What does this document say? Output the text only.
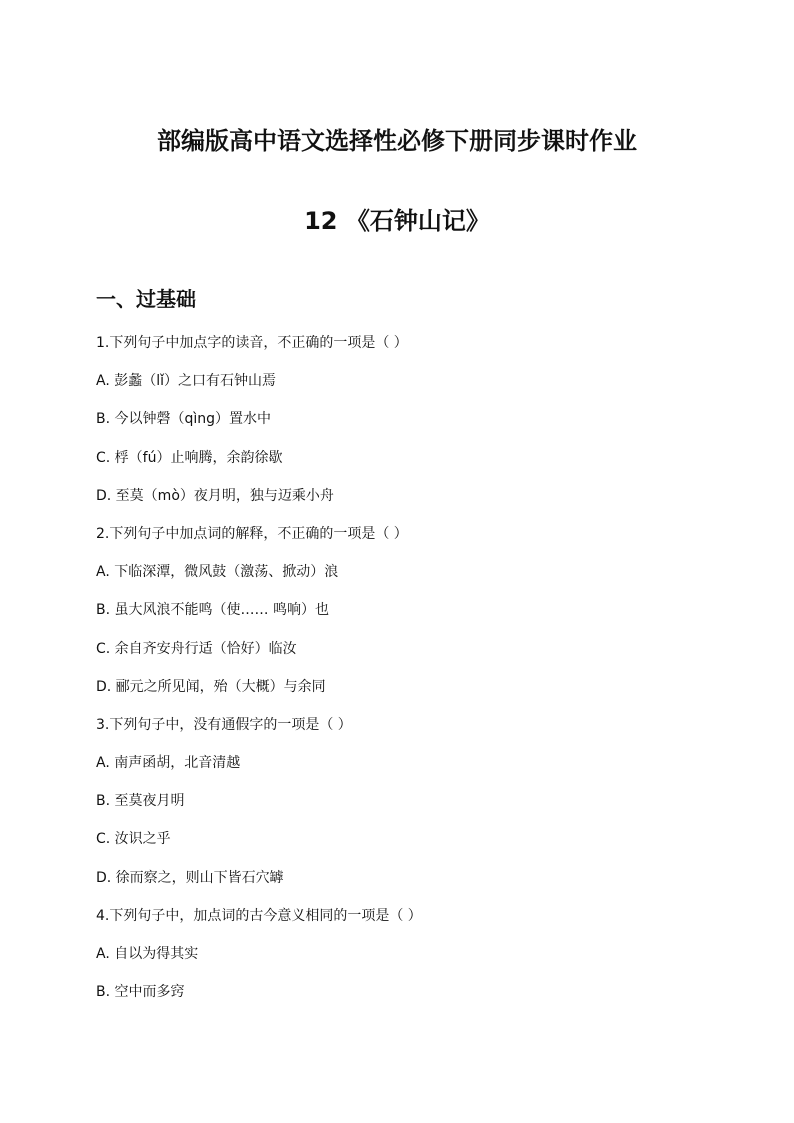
部编版高中语文选择性必修下册同步课时作业
12 《石钟山记》
一、过基础
1.下列句子中加点字的读音，不正确的一项是（ ）
A. 彭蠡（lǐ）之口有石钟山焉
B. 今以钟磬（qìng）置水中
C. 桴（fú）止响腾，余韵徐歇
D. 至莫（mò）夜月明，独与迈乘小舟
2.下列句子中加点词的解释，不正确的一项是（ ）
A. 下临深潭，微风鼓（激荡、掀动）浪
B. 虽大风浪不能鸣（使…… 鸣响）也
C. 余自齐安舟行适（恰好）临汝
D. 郦元之所见闻，殆（大概）与余同
3.下列句子中，没有通假字的一项是（ ）
A. 南声函胡，北音清越
B. 至莫夜月明
C. 汝识之乎
D. 徐而察之，则山下皆石穴罅
4.下列句子中，加点词的古今意义相同的一项是（ ）
A. 自以为得其实
B. 空中而多窍
